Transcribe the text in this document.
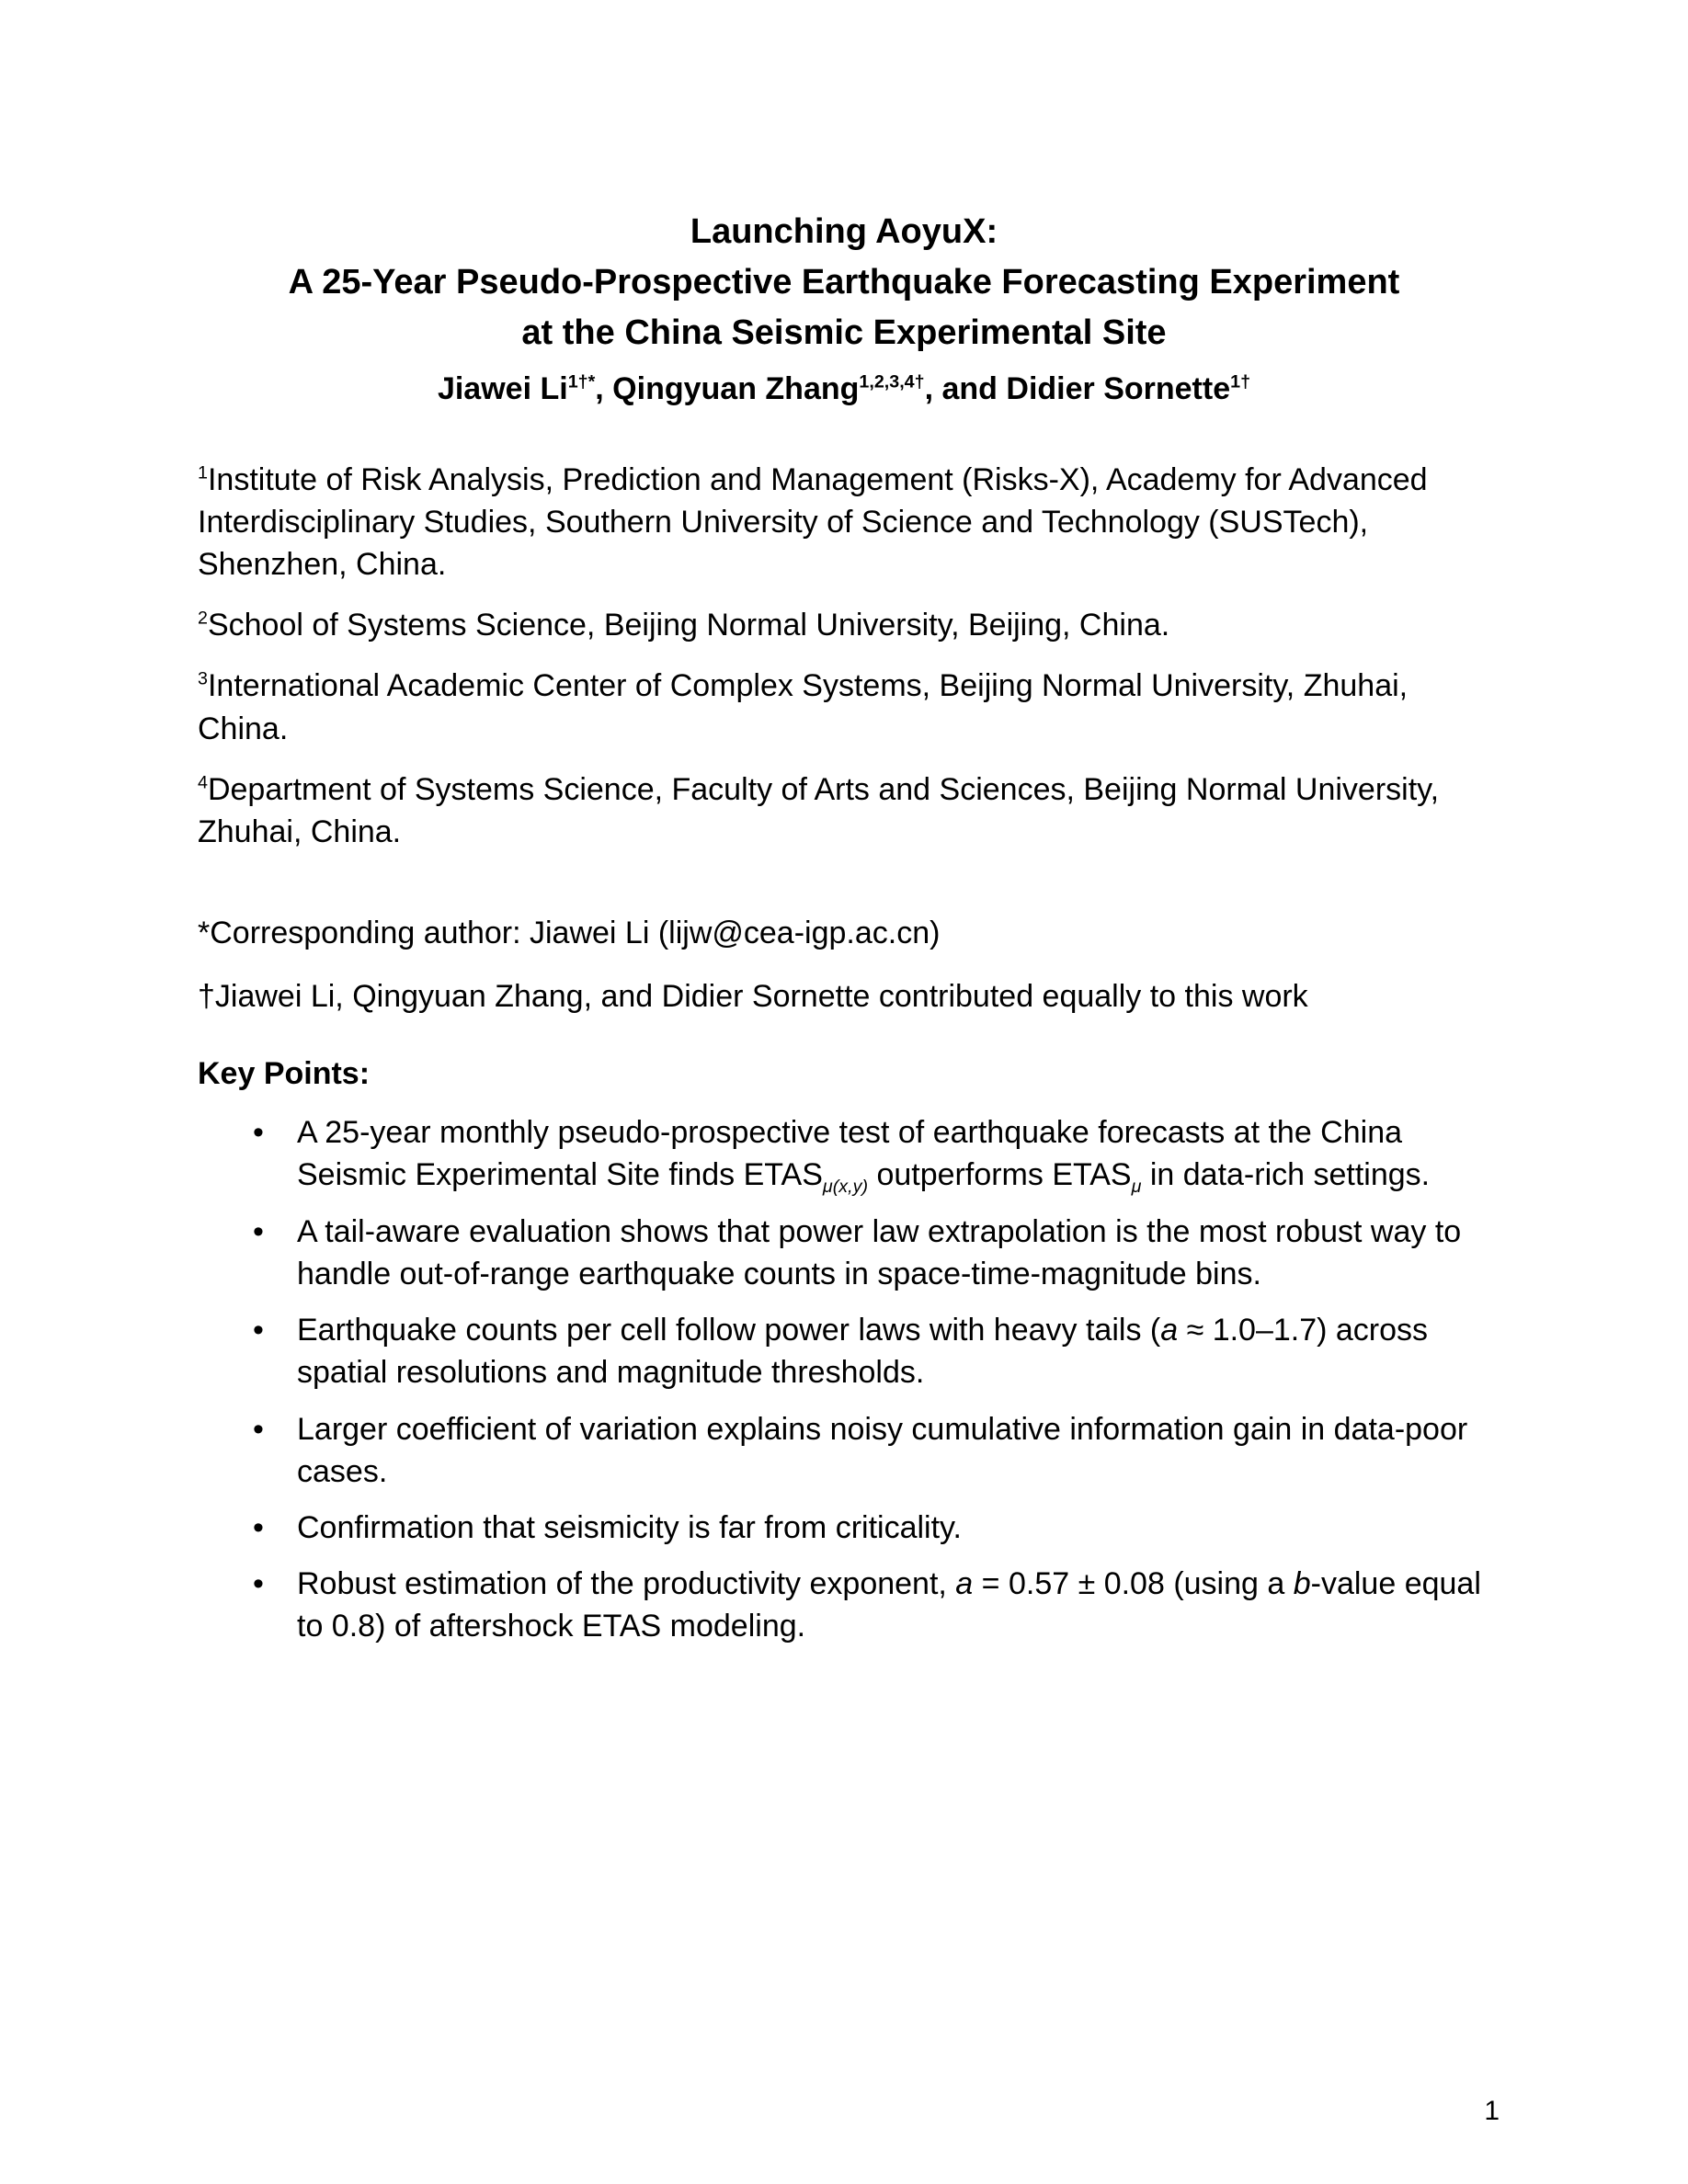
Launching AoyuX:
A 25-Year Pseudo-Prospective Earthquake Forecasting Experiment
at the China Seismic Experimental Site

Jiawei $Li^{1\dagger*}$, Qingyuan Zhang$^{1,2,3,4\dagger}$, and Didier Sornette$^{1\dagger}$

$^1$Institute of Risk Analysis, Prediction and Management (Risks-X), Academy for Advanced Interdisciplinary Studies, Southern University of Science and Technology (SUSTech), Shenzhen, China.

$^2$School of Systems Science, Beijing Normal University, Beijing, China.

$^3$International Academic Center of Complex Systems, Beijing Normal University, Zhuhai, China.

$^4$Department of Systems Science, Faculty of Arts and Sciences, Beijing Normal University, Zhuhai, China.

*Corresponding author: Jiawei Li (lijw@cea-igp.ac.cn)

†Jiawei Li, Qingyuan Zhang, and Didier Sornette contributed equally to this work

Key Points:
• A 25-year monthly pseudo-prospective test of earthquake forecasts at the China Seismic Experimental Site finds $ETAS_{\mu(x,y)}$ outperforms $ETAS_\mu$ in data-rich settings.
• A tail-aware evaluation shows that power law extrapolation is the most robust way to handle out-of-range earthquake counts in space-time-magnitude bins.
• Earthquake counts per cell follow power laws with heavy tails (a ≈ 1.0–1.7) across spatial resolutions and magnitude thresholds.
• Larger coefficient of variation explains noisy cumulative information gain in data-poor cases.
• Confirmation that seismicity is far from criticality.
• Robust estimation of the productivity exponent, a = 0.57 ± 0.08 (using a b-value equal to 0.8) of aftershock ETAS modeling.
1
